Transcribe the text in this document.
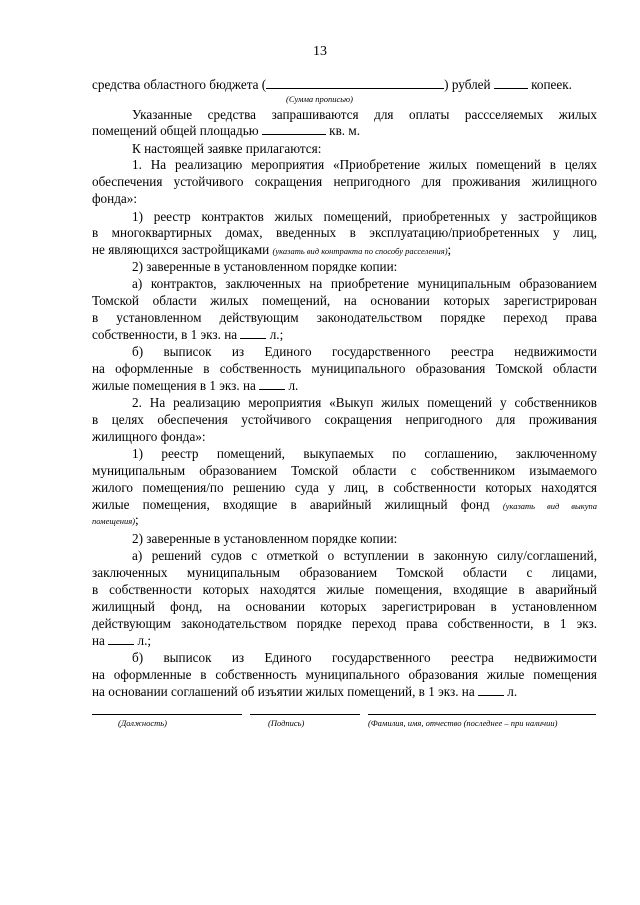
13
средства областного бюджета (	) рублей	копеек.
(Сумма прописью)
Указанные средства запрашиваются для оплаты рассселяемых жилых
помещений общей площадью	кв. м.
К настоящей заявке прилагаются:
1. На реализацию мероприятия «Приобретение жилых помещений в целях
обеспечения устойчивого сокращения непригодного для проживания жилищного
фонда»:
1) реестр контрактов жилых помещений, приобретенных у застройщиков
в многоквартирных домах, введенных в эксплуатацию/приобретенных у лиц,
не являющихся застройщиками (указать вид контракта по способу расселения);
2) заверенные в установленном порядке копии:
а) контрактов, заключенных на приобретение муниципальным образованием
Томской области жилых помещений, на основании которых зарегистрирован
в установленном действующим законодательством порядке переход права
собственности, в 1 экз. на л.;
б) выписок из Единого государственного реестра недвижимости
на оформленные в собственность муниципального образования Томской области
жилые помещения в 1 экз. на л.
2. На реализацию мероприятия «Выкуп жилых помещений у собственников
в целях обеспечения устойчивого сокращения непригодного для проживания
жилищного фонда»:
1) реестр помещений, выкупаемых по соглашению, заключенному
муниципальным образованием Томской области с собственником изымаемого
жилого помещения/по решению суда у лиц, в собственности которых находятся
жилые помещения, входящие в аварийный жилищный фонд (указать вид выкупа
помещения);
2) заверенные в установленном порядке копии:
а) решений судов с отметкой о вступлении в законную силу/соглашений,
заключенных муниципальным образованием Томской области с лицами,
в собственности которых находятся жилые помещения, входящие в аварийный
жилищный фонд, на основании которых зарегистрирован в установленном
действующим законодательством порядке переход права собственности, в 1 экз.
на л.;
б) выписок из Единого государственного реестра недвижимости
на оформленные в собственность муниципального образования жилые помещения
на основании соглашений об изъятии жилых помещений, в 1 экз. на л.
(Должность)	(Подпись)	(Фамилия, имя, отчество (последнее – при наличии)
